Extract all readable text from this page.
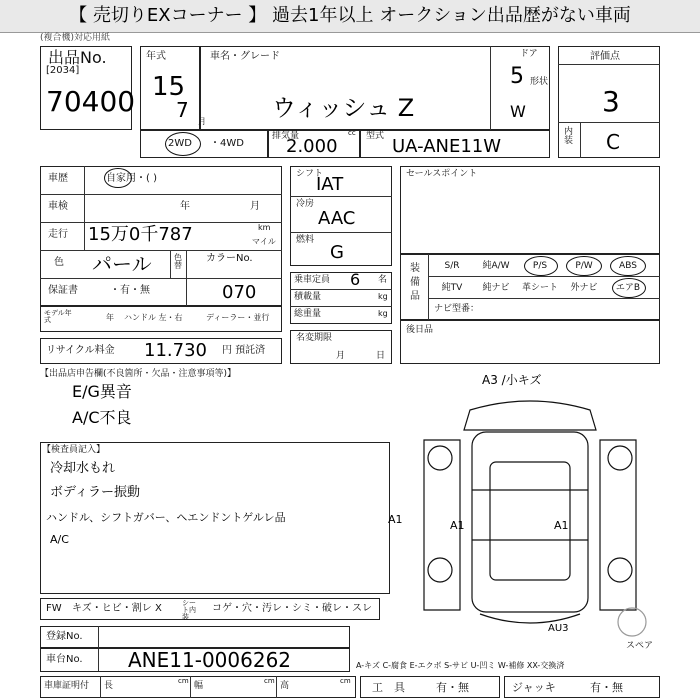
【 売切りEXコーナー 】 過去1年以上 オークション出品歴がない車両
(複合機)対応用紙
出品No.
[2034]
70400
年式
15
7 月
車名・グレード
ウィッシュ Z
ドア
5 形状
W
評価点
3
内装 C
2WD ・4WD
排気量	cc
2.000	型式 UA-ANE11W
車歴	自家用・( )
車検	年	月
走行 15万0千787	km
マイル
色 パール	色替
カラーNo.
070
保証書	・有・無
モデル年式	年 ハンドル 左・右	ディーラー・並行
リサイクル料金 11.730 円 預託済
シフト
IAT
冷房
AAC
燃料
G
乗車定員 6 名
積載量	kg
総重量	kg
名変期限
月	日
セールスポイント
装備品
S/R	純A/W	P/S	P/W	ABS
純TV	純ナビ	革シート	外ナビ	エアB
ナビ型番：
後日品
【出品店申告欄(不良箇所・欠品・注意事項等)】
E/G異音
A/C不良
【検査員記入】
冷却水もれ
ボディラー振動
ハンドル、シフトガバー、ヘエンドントゲルレ品
A/C
A3 /小キズ
A1	A1	A1
AU3
スペア
FW キズ・ヒビ・割レ X	シート内装
コゲ・穴・汚レ・シミ・破レ・スレ
登録No.
車台No. ANE11-0006262	A-キズ C-腐食 E-エクボ S-サビ U-凹ミ W-補修 XX-交換済
車庫証明付 長	cm 幅	cm 高	cm 工　具	有・無	ジャッキ	有・無
